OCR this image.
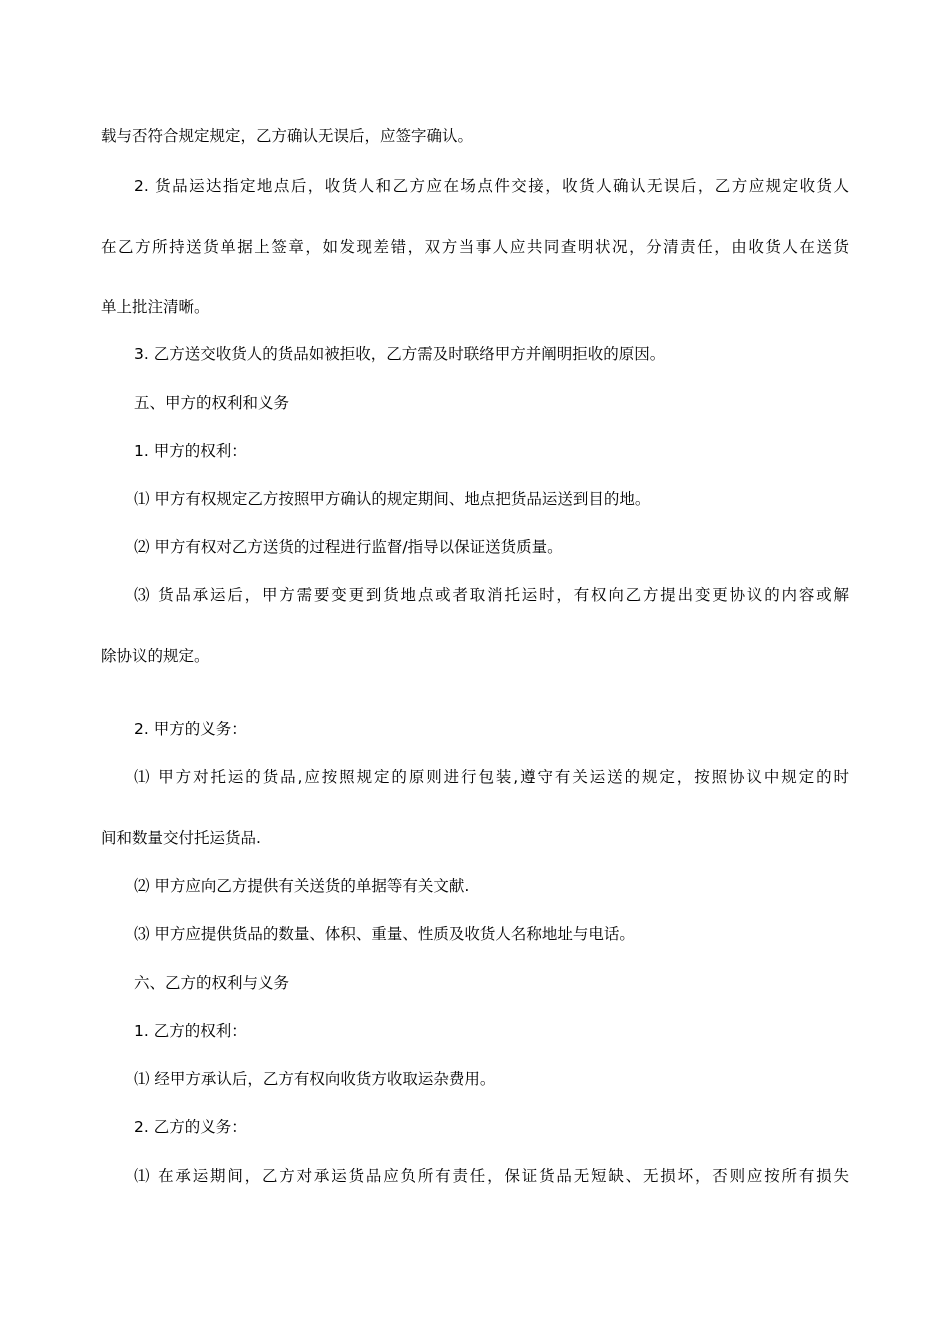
载与否符合规定规定，乙方确认无误后，应签字确认。
2. 货品运达指定地点后，收货人和乙方应在场点件交接，收货人确认无误后，乙方应规定收货人
在乙方所持送货单据上签章，如发现差错，双方当事人应共同查明状况，分清责任，由收货人在送货
单上批注清晰。
3. 乙方送交收货人的货品如被拒收，乙方需及时联络甲方并阐明拒收的原因。
五、甲方的权利和义务
1. 甲方的权利：
⑴ 甲方有权规定乙方按照甲方确认的规定期间、地点把货品运送到目的地。
⑵ 甲方有权对乙方送货的过程进行监督/指导以保证送货质量。
⑶ 货品承运后，甲方需要变更到货地点或者取消托运时，有权向乙方提出变更协议的内容或解
除协议的规定。
2. 甲方的义务：
⑴ 甲方对托运的货品,应按照规定的原则进行包装,遵守有关运送的规定，按照协议中规定的时
间和数量交付托运货品.
⑵ 甲方应向乙方提供有关送货的单据等有关文献.
⑶ 甲方应提供货品的数量、体积、重量、性质及收货人名称地址与电话。
六、乙方的权利与义务
1. 乙方的权利：
⑴ 经甲方承认后，乙方有权向收货方收取运杂费用。
2. 乙方的义务：
⑴ 在承运期间，乙方对承运货品应负所有责任，保证货品无短缺、无损坏，否则应按所有损失
